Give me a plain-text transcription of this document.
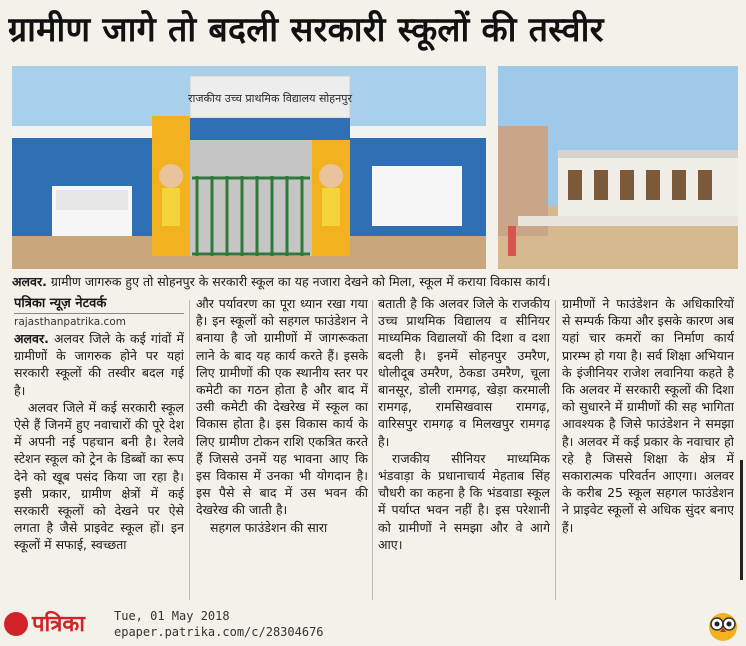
ग्रामीण जागे तो बदली सरकारी स्कूलों की तस्वीर
राजकीय उच्च प्राथमिक विद्यालय सोहनपुर
अलवर. ग्रामीण जागरुक हुए तो सोहनपुर के सरकारी स्कूल का यह नजारा देखने को मिला, स्कूल में कराया विकास कार्य।
पत्रिका न्यूज़ नेटवर्क
rajasthanpatrika.com

अलवर. अलवर जिले के कई गांवों में ग्रामीणों के जागरुक होने पर यहां सरकारी स्कूलों की तस्वीर बदल गई है।

अलवर जिले में कई सरकारी स्कूल ऐसे हैं जिनमें हुए नवाचारों की पूरे देश में अपनी नई पहचान बनी है। रेलवे स्टेशन स्कूल को ट्रेन के डिब्बों का रूप देने को खूब पसंद किया जा रहा है। इसी प्रकार, ग्रामीण क्षेत्रों में कई सरकारी स्कूलों को देखने पर ऐसे लगता है जैसे प्राइवेट स्कूल हों। इन स्कूलों में सफाई, स्वच्छता

और पर्यावरण का पूरा ध्यान रखा गया है। इन स्कूलों को सहगल फाउंडेशन ने बनाया है जो ग्रामीणों में जागरूकता लाने के बाद यह कार्य करते हैं। इसके लिए ग्रामीणों की एक स्थानीय स्तर पर कमेटी का गठन होता है और बाद में उसी कमेटी की देखरेख में स्कूल का विकास होता है। इस विकास कार्य के लिए ग्रामीण टोकन राशि एकत्रित करते हैं जिससे उनमें यह भावना आए कि इस विकास में उनका भी योगदान है। इस पैसे से बाद में उस भवन की देखरेख की जाती है।

सहगल फाउंडेशन की सारा

बताती है कि अलवर जिले के राजकीय उच्च प्राथमिक विद्यालय व सीनियर माध्यमिक विद्यालयों की दिशा व दशा बदली है। इनमें सोहनपुर उमरैण, धोलीदूब उमरैण, ठेकडा उमरैण, चूला बानसूर, डोली रामगढ़, खेड़ा करमाली रामगढ़, रामसिखवास रामगढ़, वारिसपुर रामगढ़ व मिलखपुर रामगढ़ है।

राजकीय सीनियर माध्यमिक भंडवाड़ा के प्रधानाचार्य मेहताब सिंह चौधरी का कहना है कि भंडवाडा स्कूल में पर्याप्त भवन नहीं है। इस परेशानी को ग्रामीणों ने समझा और वे आगे आए।

ग्रामीणों ने फाउंडेशन के अधिकारियों से सम्पर्क किया और इसके कारण अब यहां चार कमरों का निर्माण कार्य प्रारम्भ हो गया है। सर्व शिक्षा अभियान के इंजीनियर राजेश लवानिया कहते है कि अलवर में सरकारी स्कूलों की दिशा को सुधारने में ग्रामीणों की सह भागिता आवश्यक है जिसे फाउंडेशन ने समझा है। अलवर में कई प्रकार के नवाचार हो रहे है जिससे शिक्षा के क्षेत्र में सकारात्मक परिवर्तन आएगा। अलवर के करीब 25 स्कूल सहगल फाउंडेशन ने प्राइवेट स्कूलों से अधिक सुंदर बनाए हैं।

पत्रिका Tue, 01 May 2018
epaper.patrika.com/c/28304676
